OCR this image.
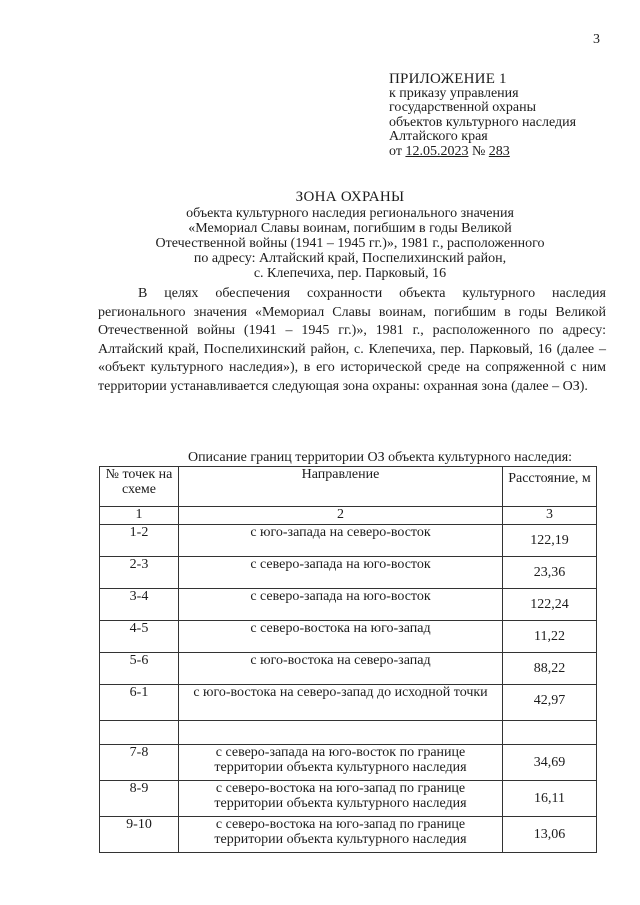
3
ПРИЛОЖЕНИЕ 1
к приказу управления
государственной охраны
объектов культурного наследия
Алтайского края
от 12.05.2023 № 283
ЗОНА ОХРАНЫ
объекта культурного наследия регионального значения
«Мемориал Славы воинам, погибшим в годы Великой
Отечественной войны (1941 – 1945 гг.)», 1981 г., расположенного
по адресу: Алтайский край, Поспелихинский район,
с. Клепечиха, пер. Парковый, 16

В целях обеспечения сохранности объекта культурного наследия регионального значения «Мемориал Славы воинам, погибшим в годы Великой Отечественной войны (1941 – 1945 гг.)», 1981 г., расположенного по адресу: Алтайский край, Поспелихинский район, с. Клепечиха, пер. Парковый, 16 (далее – «объект культурного наследия»), в его исторической среде на сопряженной с ним территории устанавливается следующая зона охраны: охранная зона (далее – ОЗ).

Описание границ территории ОЗ объекта культурного наследия:
№ точек на схеме	Направление	Расстояние, м
1	2	3
1-2	с юго-запада на северо-восток	122,19
2-3	с северо-запада на юго-восток	23,36
3-4	с северо-запада на юго-восток	122,24
4-5	с северо-востока на юго-запад	11,22
5-6	с юго-востока на северо-запад	88,22
6-1	с юго-востока на северо-запад до исходной точки	42,97

7-8	с северо-запада на юго-восток по границе территории объекта культурного наследия	34,69
8-9	с северо-востока на юго-запад по границе территории объекта культурного наследия	16,11
9-10	с северо-востока на юго-запад по границе территории объекта культурного наследия	13,06
